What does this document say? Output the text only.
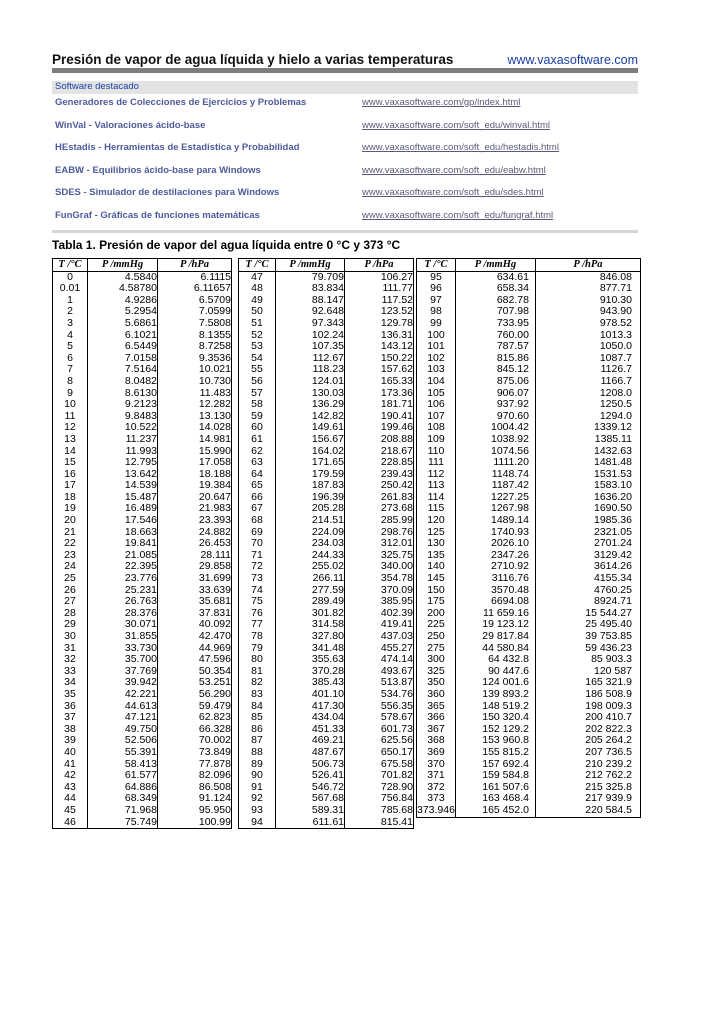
Presión de vapor de agua líquida y hielo a varias temperaturas	www.vaxasoftware.com
Software destacado
Generadores de Colecciones de Ejercicios y Problemas	www.vaxasoftware.com/gp/index.html
WinVal - Valoraciones ácido-base	www.vaxasoftware.com/soft_edu/winval.html
HEstadis - Herramientas de Estadística y Probabilidad	www.vaxasoftware.com/soft_edu/hestadis.html
EABW - Equilibrios ácido-base para Windows	www.vaxasoftware.com/soft_edu/eabw.html
SDES - Simulador de destilaciones para Windows	www.vaxasoftware.com/soft_edu/sdes.html
FunGraf - Gráficas de funciones matemáticas	www.vaxasoftware.com/soft_edu/fungraf.html
Tabla 1. Presión de vapor del agua líquida entre 0 °C y 373 °C
T /°C	P /mmHg	P /hPa
0	4.5840	6.1115
0.01	4.58780	6.11657
1	4.9286	6.5709
2	5.2954	7.0599
3	5.6861	7.5808
4	6.1021	8.1355
5	6.5449	8.7258
6	7.0158	9.3536
7	7.5164	10.021
8	8.0482	10.730
9	8.6130	11.483
10	9.2123	12.282
11	9.8483	13.130
12	10.522	14.028
13	11.237	14.981
14	11.993	15.990
15	12.795	17.058
16	13.642	18.188
17	14.539	19.384
18	15.487	20.647
19	16.489	21.983
20	17.546	23.393
21	18.663	24.882
22	19.841	26.453
23	21.085	28.111
24	22.395	29.858
25	23.776	31.699
26	25.231	33.639
27	26.763	35.681
28	28.376	37.831
29	30.071	40.092
30	31.855	42.470
31	33.730	44.969
32	35.700	47.596
33	37.769	50.354
34	39.942	53.251
35	42.221	56.290
36	44.613	59.479
37	47.121	62.823
38	49.750	66.328
39	52.506	70.002
40	55.391	73.849
41	58.413	77.878
42	61.577	82.096
43	64.886	86.508
44	68.349	91.124
45	71.968	95.950
46	75.749	100.99
T /°C	P /mmHg	P /hPa
47	79.709	106.27
48	83.834	111.77
49	88.147	117.52
50	92.648	123.52
51	97.343	129.78
52	102.24	136.31
53	107.35	143.12
54	112.67	150.22
55	118.23	157.62
56	124.01	165.33
57	130.03	173.36
58	136.29	181.71
59	142.82	190.41
60	149.61	199.46
61	156.67	208.88
62	164.02	218.67
63	171.65	228.85
64	179.59	239.43
65	187.83	250.42
66	196.39	261.83
67	205.28	273.68
68	214.51	285.99
69	224.09	298.76
70	234.03	312.01
71	244.33	325.75
72	255.02	340.00
73	266.11	354.78
74	277.59	370.09
75	289.49	385.95
76	301.82	402.39
77	314.58	419.41
78	327.80	437.03
79	341.48	455.27
80	355.63	474.14
81	370.28	493.67
82	385.43	513.87
83	401.10	534.76
84	417.30	556.35
85	434.04	578.67
86	451.33	601.73
87	469.21	625.56
88	487.67	650.17
89	506.73	675.58
90	526.41	701.82
91	546.72	728.90
92	567.68	756.84
93	589.31	785.68
94	611.61	815.41
T /°C	P /mmHg	P /hPa
95	634.61	846.08
96	658.34	877.71
97	682.78	910.30
98	707.98	943.90
99	733.95	978.52
100	760.00	1013.3
101	787.57	1050.0
102	815.86	1087.7
103	845.12	1126.7
104	875.06	1166.7
105	906.07	1208.0
106	937.92	1250.5
107	970.60	1294.0
108	1004.42	1339.12
109	1038.92	1385.11
110	1074.56	1432.63
111	1111.20	1481.48
112	1148.74	1531.53
113	1187.42	1583.10
114	1227.25	1636.20
115	1267.98	1690.50
120	1489.14	1985.36
125	1740.93	2321.05
130	2026.10	2701.24
135	2347.26	3129.42
140	2710.92	3614.26
145	3116.76	4155.34
150	3570.48	4760.25
175	6694.08	8924.71
200	11 659.16	15 544.27
225	19 123.12	25 495.40
250	29 817.84	39 753.85
275	44 580.84	59 436.23
300	64 432.8	85 903.3
325	90 447.6	120 587
350	124 001.6	165 321.9
360	139 893.2	186 508.9
365	148 519.2	198 009.3
366	150 320.4	200 410.7
367	152 129.2	202 822.3
368	153 960.8	205 264.2
369	155 815.2	207 736.5
370	157 692.4	210 239.2
371	159 584.8	212 762.2
372	161 507.6	215 325.8
373	163 468.4	217 939.9
373.946	165 452.0	220 584.5
